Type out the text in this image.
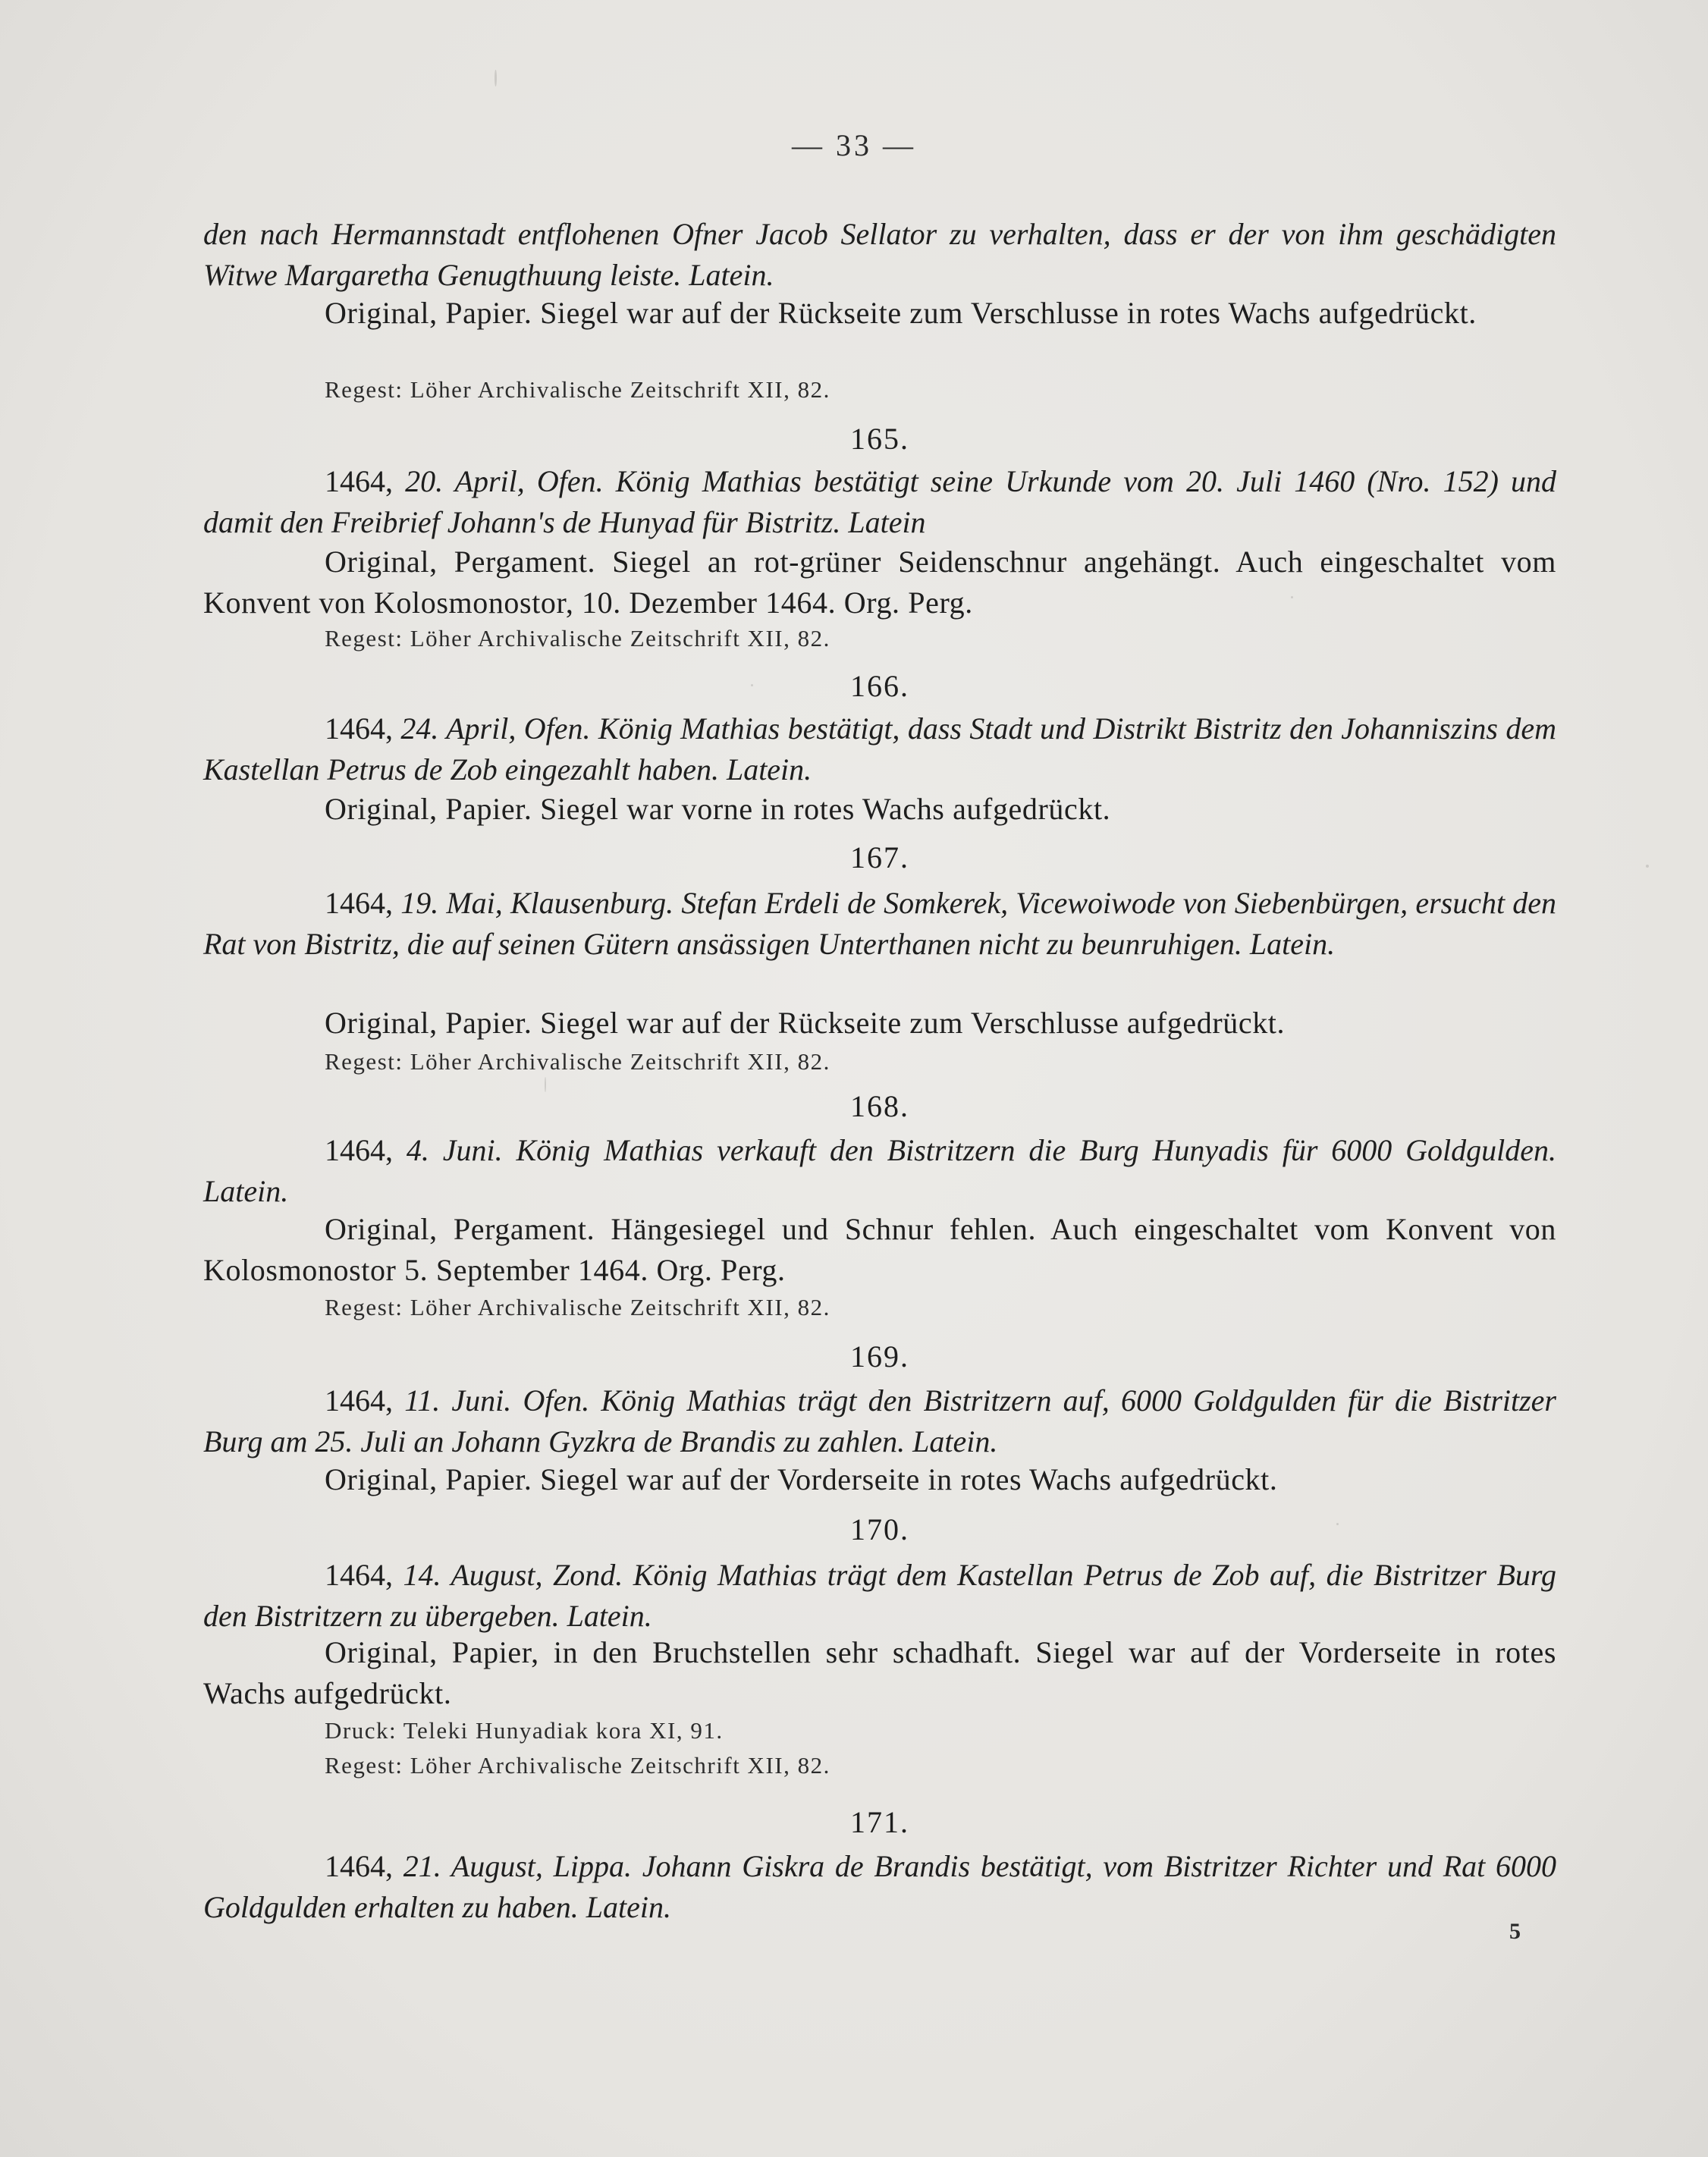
— 33 —

den nach Hermannstadt entflohenen Ofner Jacob Sellator zu verhalten, dass er der von ihm geschädigten Witwe Margaretha Genugthuung leiste. Latein.

Original, Papier. Siegel war auf der Rückseite zum Verschlusse in rotes Wachs aufgedrückt.

Regest: Löher Archivalische Zeitschrift XII, 82.

165.

1464, 20. April, Ofen. König Mathias bestätigt seine Urkunde vom 20. Juli 1460 (Nro. 152) und damit den Freibrief Johann's de Hunyad für Bistritz. Latein

Original, Pergament. Siegel an rot-grüner Seidenschnur angehängt. Auch eingeschaltet vom Konvent von Kolosmonostor, 10. Dezember 1464. Org. Perg.

Regest: Löher Archivalische Zeitschrift XII, 82.

166.

1464, 24. April, Ofen. König Mathias bestätigt, dass Stadt und Distrikt Bistritz den Johanniszins dem Kastellan Petrus de Zob eingezahlt haben. Latein.

Original, Papier. Siegel war vorne in rotes Wachs aufgedrückt.

167.

1464, 19. Mai, Klausenburg. Stefan Erdeli de Somkerek, Vicewoiwode von Siebenbürgen, ersucht den Rat von Bistritz, die auf seinen Gütern ansässigen Unterthanen nicht zu beunruhigen. Latein.

Original, Papier. Siegel war auf der Rückseite zum Verschlusse aufgedrückt.

Regest: Löher Archivalische Zeitschrift XII, 82.

168.

1464, 4. Juni. König Mathias verkauft den Bistritzern die Burg Hunyadis für 6000 Goldgulden. Latein.

Original, Pergament. Hängesiegel und Schnur fehlen. Auch eingeschaltet vom Konvent von Kolosmonostor 5. September 1464. Org. Perg.

Regest: Löher Archivalische Zeitschrift XII, 82.

169.

1464, 11. Juni. Ofen. König Mathias trägt den Bistritzern auf, 6000 Goldgulden für die Bistritzer Burg am 25. Juli an Johann Gyzkra de Brandis zu zahlen. Latein.

Original, Papier. Siegel war auf der Vorderseite in rotes Wachs aufgedrückt.

170.

1464, 14. August, Zond. König Mathias trägt dem Kastellan Petrus de Zob auf, die Bistritzer Burg den Bistritzern zu übergeben. Latein.

Original, Papier, in den Bruchstellen sehr schadhaft. Siegel war auf der Vorderseite in rotes Wachs aufgedrückt.

Druck: Teleki Hunyadiak kora XI, 91.

Regest: Löher Archivalische Zeitschrift XII, 82.

171.

1464, 21. August, Lippa. Johann Giskra de Brandis bestätigt, vom Bistritzer Richter und Rat 6000 Goldgulden erhalten zu haben. Latein.

5
